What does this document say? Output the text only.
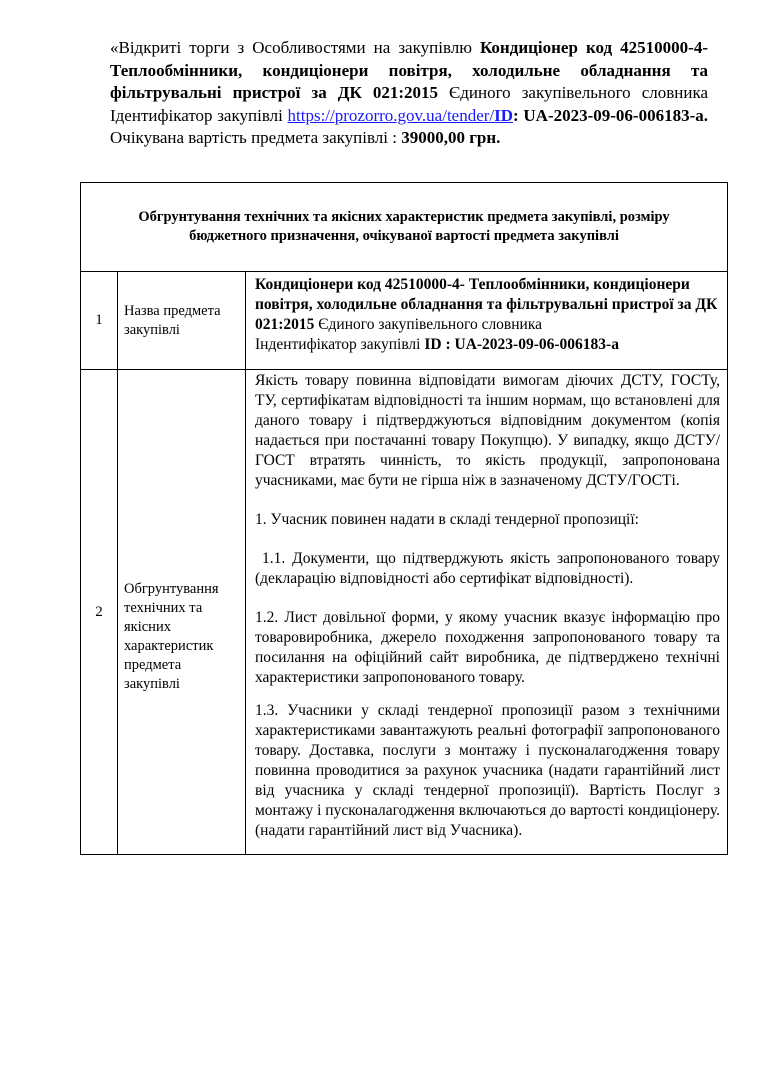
«Відкриті торги з Особливостями на закупівлю Кондиціонер код 42510000-4- Теплообмінники, кондиціонери повітря, холодильне обладнання та фільтрувальні пристрої за ДК 021:2015 Єдиного закупівельного словника Ідентифікатор закупівлі https://prozorro.gov.ua/tender/ID: UA-2023-09-06-006183-а. Очікувана вартість предмета закупівлі : 39000,00 грн.
Обгрунтування технічних та якісних характеристик предмета закупівлі, розміру бюджетного призначення, очікуваної вартості предмета закупівлі		
1	Назва предмета закупівлі	Кондиціонери код 42510000-4- Теплообмінники, кондиціонери повітря, холодильне обладнання та фільтрувальні пристрої за ДК 021:2015 Єдиного закупівельного словника
Індентифікатор закупівлі ID : UA-2023-09-06-006183-а
2	Обгрунтування технічних та якісних характеристик предмета закупівлі	Якість товару повинна відповідати вимогам діючих ДСТУ, ГОСТу, ТУ, сертифікатам відповідності та іншим нормам, що встановлені для даного товару і підтверджуються відповідним документом (копія надається при постачанні товару Покупцю). У випадку, якщо ДСТУ/ГОСТ втратять чинність, то якість продукції, запропонована учасниками, має бути не гірша ніж в зазначеному ДСТУ/ГОСТі.

1. Учасник повинен надати в складі тендерної пропозиції:

1.1. Документи, що підтверджують якість запропонованого товару (декларацію відповідності або сертифікат відповідності).

1.2. Лист довільної форми, у якому учасник вказує інформацію про товаровиробника, джерело походження запропонованого товару та посилання на офіційний сайт виробника, де підтверджено технічні характеристики запропонованого товару.

1.3. Учасники у складі тендерної пропозиції разом з технічними характеристиками завантажують реальні фотографії запропонованого товару. Доставка, послуги з монтажу і пусконалагодження товару повинна проводитися за рахунок учасника (надати гарантійний лист від учасника у складі тендерної пропозиції). Вартість Послуг з монтажу і пусконалагодження включаються до вартості кондиціонеру. (надати гарантійний лист від Учасника).
